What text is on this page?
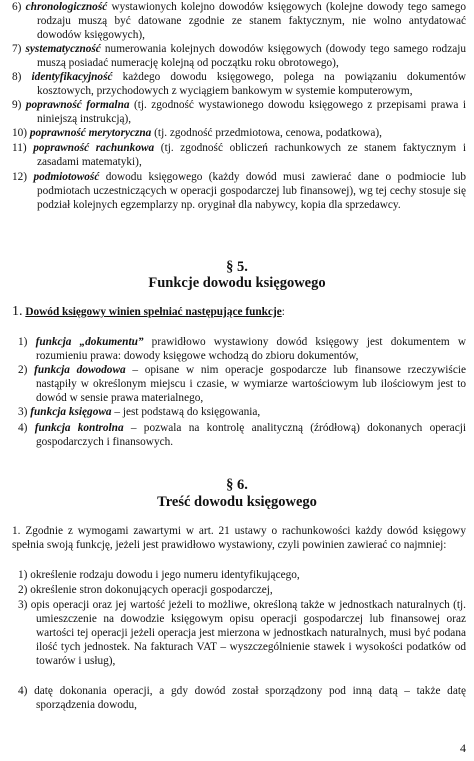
6) chronologiczność wystawionych kolejno dowodów księgowych (kolejne dowody tego samego rodzaju muszą być datowane zgodnie ze stanem faktycznym, nie wolno antydatować dowodów księgowych),
7) systematyczność numerowania kolejnych dowodów księgowych (dowody tego samego rodzaju muszą posiadać numerację kolejną od początku roku obrotowego),
8) identyfikacyjność każdego dowodu księgowego, polega na powiązaniu dokumentów kosztowych, przychodowych z wyciągiem bankowym w systemie komputerowym,
9) poprawność formalna (tj. zgodność wystawionego dowodu księgowego z przepisami prawa i niniejszą instrukcją),
10) poprawność merytoryczna (tj. zgodność przedmiotowa, cenowa, podatkowa),
11) poprawność rachunkowa (tj. zgodność obliczeń rachunkowych ze stanem faktycznym i zasadami matematyki),
12) podmiotowość dowodu księgowego (każdy dowód musi zawierać dane o podmiocie lub podmiotach uczestniczących w operacji gospodarczej lub finansowej), wg tej cechy stosuje się podział kolejnych egzemplarzy np. oryginał dla nabywcy, kopia dla sprzedawcy.
§ 5.
Funkcje dowodu księgowego
1. Dowód księgowy winien spełniać następujące funkcje:
1) funkcja „dokumentu” prawidłowo wystawiony dowód księgowy jest dokumentem w rozumieniu prawa: dowody księgowe wchodzą do zbioru dokumentów,
2) funkcja dowodowa – opisane w nim operacje gospodarcze lub finansowe rzeczywiście nastąpiły w określonym miejscu i czasie, w wymiarze wartościowym lub ilościowym jest to dowód w sensie prawa materialnego,
3) funkcja księgowa – jest podstawą do księgowania,
4) funkcja kontrolna – pozwala na kontrolę analityczną (źródłową) dokonanych operacji gospodarczych i finansowych.
§ 6.
Treść dowodu księgowego
1. Zgodnie z wymogami zawartymi w art. 21 ustawy o rachunkowości każdy dowód księgowy spełnia swoją funkcję, jeżeli jest prawidłowo wystawiony, czyli powinien zawierać co najmniej:
1) określenie rodzaju dowodu i jego numeru identyfikującego,
2) określenie stron dokonujących operacji gospodarczej,
3) opis operacji oraz jej wartość jeżeli to możliwe, określoną także w jednostkach naturalnych (tj. umieszczenie na dowodzie księgowym opisu operacji gospodarczej lub finansowej oraz wartości tej operacji jeżeli operacja jest mierzona w jednostkach naturalnych, musi być podana ilość tych jednostek. Na fakturach VAT – wyszczególnienie stawek i wysokości podatków od towarów i usług),
4) datę dokonania operacji, a gdy dowód został sporządzony pod inną datą – także datę sporządzenia dowodu,
4
